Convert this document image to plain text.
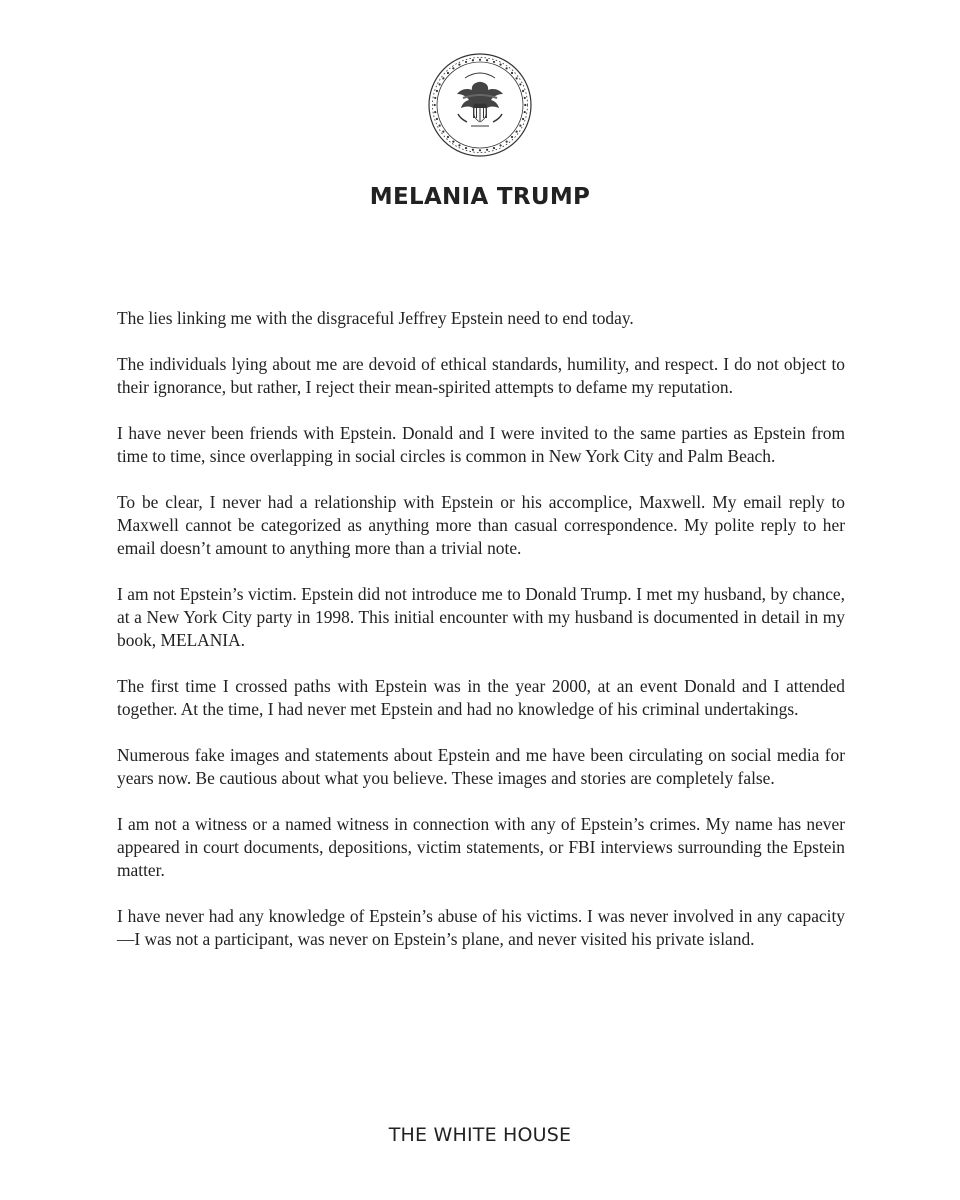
MELANIA TRUMP

The lies linking me with the disgraceful Jeffrey Epstein need to end today.

The individuals lying about me are devoid of ethical standards, humility, and respect. I do not object to their ignorance, but rather, I reject their mean-spirited attempts to defame my reputation.

I have never been friends with Epstein. Donald and I were invited to the same parties as Epstein from time to time, since overlapping in social circles is common in New York City and Palm Beach.

To be clear, I never had a relationship with Epstein or his accomplice, Maxwell. My email reply to Maxwell cannot be categorized as anything more than casual correspondence. My polite reply to her email doesn’t amount to anything more than a trivial note.

I am not Epstein’s victim. Epstein did not introduce me to Donald Trump. I met my husband, by chance, at a New York City party in 1998. This initial encounter with my husband is documented in detail in my book, MELANIA.

The first time I crossed paths with Epstein was in the year 2000, at an event Donald and I attended together. At the time, I had never met Epstein and had no knowledge of his criminal undertakings.

Numerous fake images and statements about Epstein and me have been circulating on social media for years now. Be cautious about what you believe. These images and stories are completely false.

I am not a witness or a named witness in connection with any of Epstein’s crimes. My name has never appeared in court documents, depositions, victim statements, or FBI interviews surrounding the Epstein matter.

I have never had any knowledge of Epstein’s abuse of his victims. I was never involved in any capacity—I was not a participant, was never on Epstein’s plane, and never visited his private island.

THE WHITE HOUSE
